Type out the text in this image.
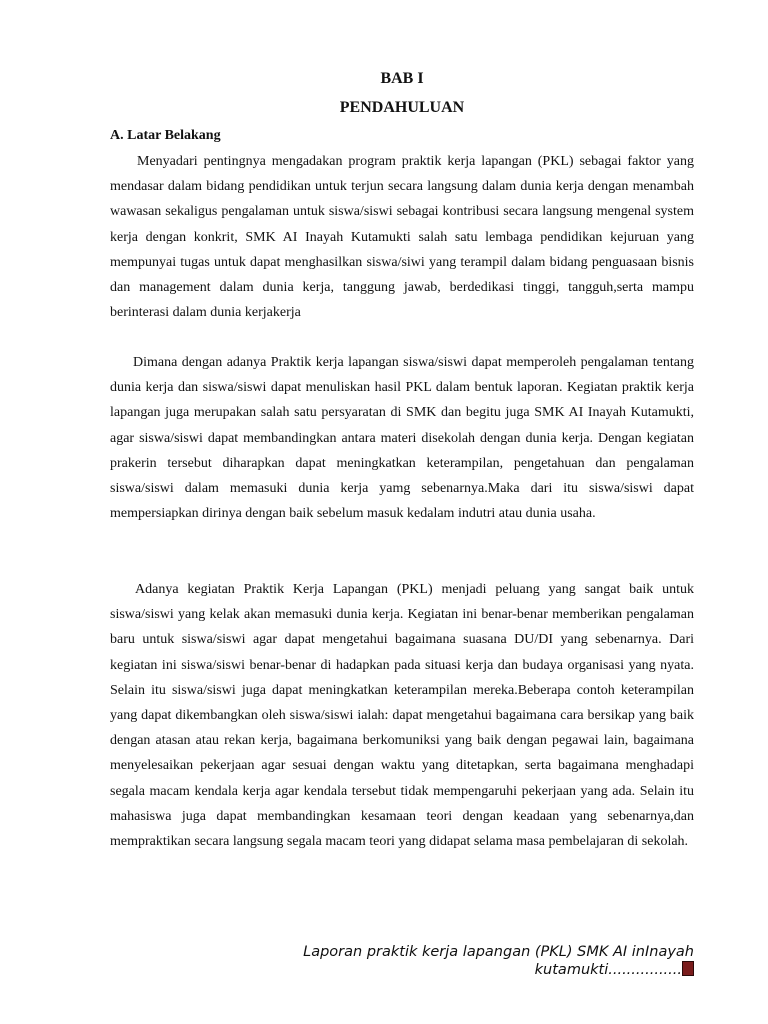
BAB I
PENDAHULUAN
A. Latar Belakang

Menyadari pentingnya mengadakan program praktik kerja lapangan (PKL) sebagai faktor yang mendasar dalam bidang pendidikan untuk terjun secara langsung dalam dunia kerja dengan menambah wawasan sekaligus pengalaman untuk siswa/siswi sebagai kontribusi secara langsung mengenal system kerja dengan konkrit, SMK AI Inayah Kutamukti salah satu lembaga pendidikan kejuruan yang mempunyai tugas untuk dapat menghasilkan siswa/siwi yang terampil dalam bidang penguasaan bisnis dan management dalam dunia kerja, tanggung jawab, berdedikasi tinggi, tangguh,serta mampu berinterasi dalam dunia kerjakerja

Dimana dengan adanya Praktik kerja lapangan siswa/siswi dapat memperoleh pengalaman tentang dunia kerja dan siswa/siswi dapat menuliskan hasil PKL dalam bentuk laporan. Kegiatan praktik kerja lapangan juga merupakan salah satu persyaratan di SMK dan begitu juga SMK AI Inayah Kutamukti, agar siswa/siswi dapat membandingkan antara materi disekolah dengan dunia kerja. Dengan kegiatan prakerin tersebut diharapkan dapat meningkatkan keterampilan, pengetahuan dan pengalaman siswa/siswi dalam memasuki dunia kerja yamg sebenarnya.Maka dari itu siswa/siswi dapat mempersiapkan dirinya dengan baik sebelum masuk kedalam indutri atau dunia usaha.

Adanya kegiatan Praktik Kerja Lapangan (PKL) menjadi peluang yang sangat baik untuk siswa/siswi yang kelak akan memasuki dunia kerja. Kegiatan ini benar-benar memberikan pengalaman baru untuk siswa/siswi agar dapat mengetahui bagaimana suasana DU/DI yang sebenarnya. Dari kegiatan ini siswa/siswi benar-benar di hadapkan pada situasi kerja dan budaya organisasi yang nyata. Selain itu siswa/siswi juga dapat meningkatkan keterampilan mereka.Beberapa contoh keterampilan yang dapat dikembangkan oleh siswa/siswi ialah: dapat mengetahui bagaimana cara bersikap yang baik dengan atasan atau rekan kerja, bagaimana berkomuniksi yang baik dengan pegawai lain, bagaimana menyelesaikan pekerjaan agar sesuai dengan waktu yang ditetapkan, serta bagaimana menghadapi segala macam kendala kerja agar kendala tersebut tidak mempengaruhi pekerjaan yang ada. Selain itu mahasiswa juga dapat membandingkan kesamaan teori dengan keadaan yang sebenarnya,dan mempraktikan secara langsung segala macam teori yang didapat selama masa pembelajaran di sekolah.

Laporan praktik kerja lapangan (PKL) SMK AI inInayah
kutamukti................
